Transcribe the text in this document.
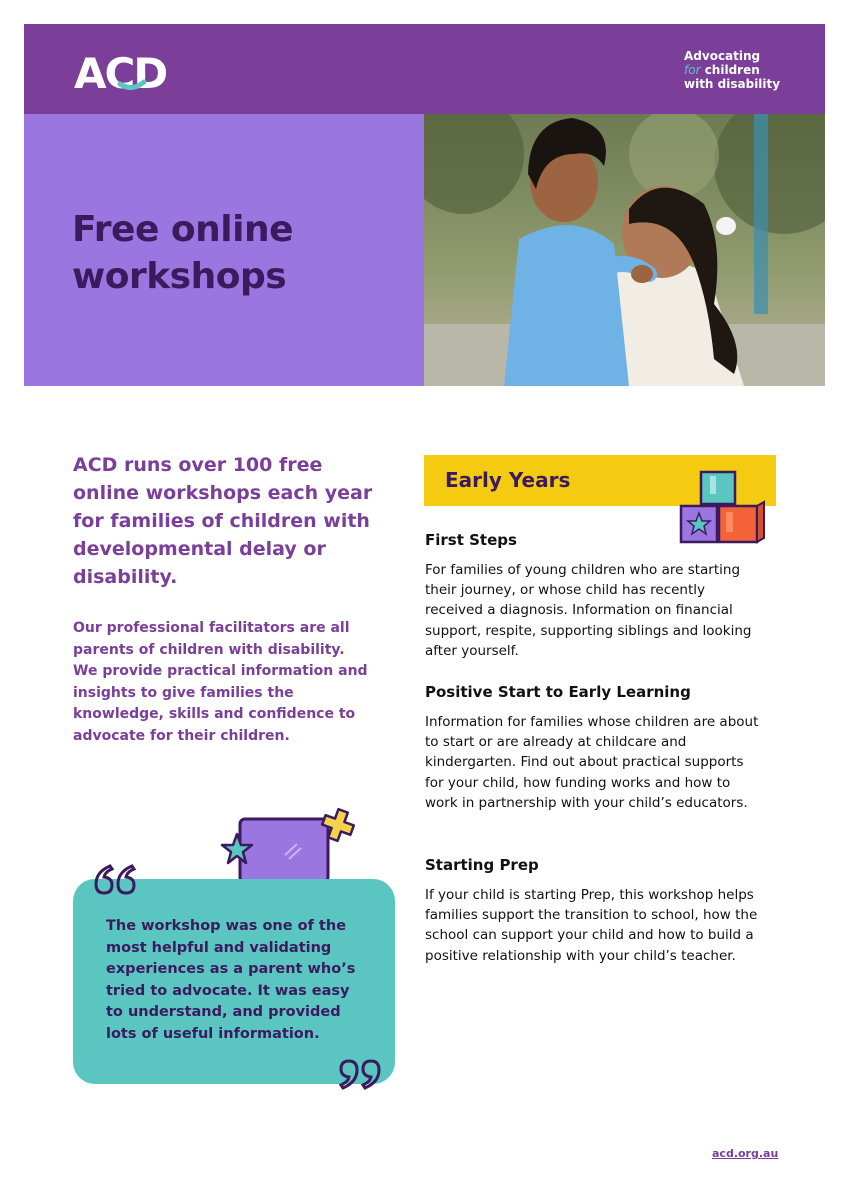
ACD	Advocating
for children
with disability
Free online
workshops

ACD runs over 100 free online workshops each year for families of children with developmental delay or disability.

Our professional facilitators are all parents of children with disability. We provide practical information and insights to give families the knowledge, skills and confidence to advocate for their children.

The workshop was one of the most helpful and validating experiences as a parent who’s tried to advocate. It was easy to understand, and provided lots of useful information.

Early Years
First Steps

For families of young children who are starting their journey, or whose child has recently received a diagnosis. Information on financial support, respite, supporting siblings and looking after yourself.

Positive Start to Early Learning

Information for families whose children are about to start or are already at childcare and kindergarten. Find out about practical supports for your child, how funding works and how to work in partnership with your child’s educators.

Starting Prep

If your child is starting Prep, this workshop helps families support the transition to school, how the school can support your child and how to build a positive relationship with your child’s teacher.

acd.org.au
